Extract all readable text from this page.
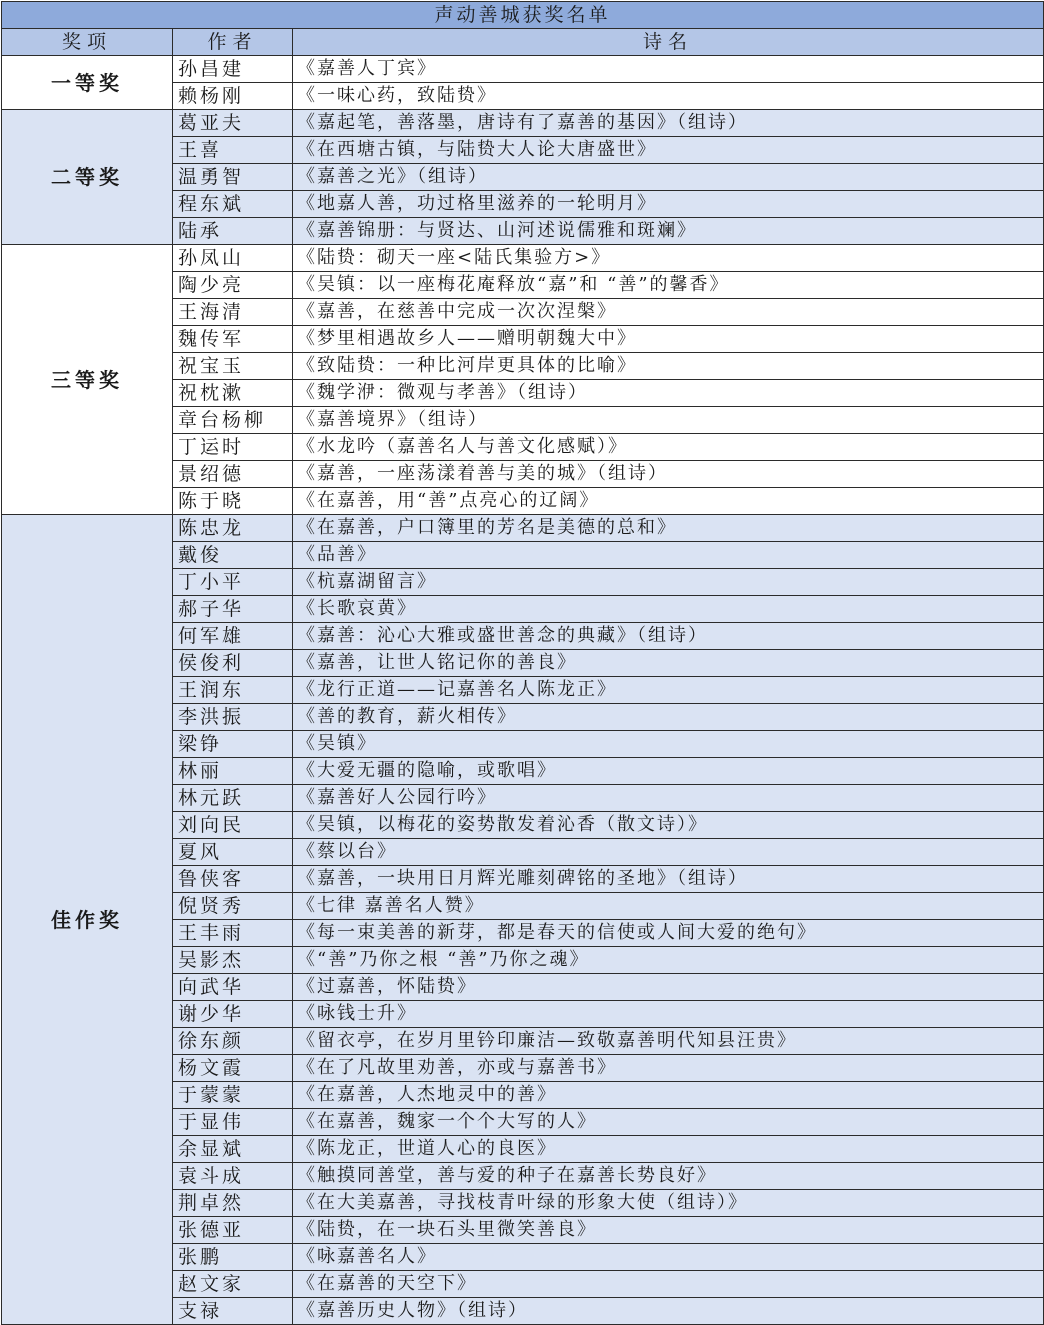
声动善城获奖名单		
奖项	作者	诗名
一等奖	孙昌建	《嘉善人丁宾》
	赖杨刚	《一味心药，致陆贽》
二等奖	葛亚夫	《嘉起笔，善落墨，唐诗有了嘉善的基因》（组诗）
	王喜	《在西塘古镇，与陆贽大人论大唐盛世》
	温勇智	《嘉善之光》（组诗）
	程东斌	《地嘉人善，功过格里滋养的一轮明月》
	陆承	《嘉善锦册：与贤达、山河述说儒雅和斑斓》
三等奖	孙凤山	《陆贽：砌天一座<陆氏集验方>》
	陶少亮	《吴镇：以一座梅花庵释放“嘉”和 “善”的馨香》
	王海清	《嘉善，在慈善中完成一次次涅槃》
	魏传军	《梦里相遇故乡人——赠明朝魏大中》
	祝宝玉	《致陆贽：一种比河岸更具体的比喻》
	祝枕漱	《魏学洢：微观与孝善》（组诗）
	章台杨柳	《嘉善境界》（组诗）
	丁运时	《水龙吟（嘉善名人与善文化感赋）》
	景绍德	《嘉善，一座荡漾着善与美的城》（组诗）
	陈于晓	《在嘉善，用“善”点亮心的辽阔》
佳作奖	陈忠龙	《在嘉善，户口簿里的芳名是美德的总和》
	戴俊	《品善》
	丁小平	《杭嘉湖留言》
	郝子华	《长歌哀黄》
	何军雄	《嘉善：沁心大雅或盛世善念的典藏》（组诗）
	侯俊利	《嘉善，让世人铭记你的善良》
	王润东	《龙行正道——记嘉善名人陈龙正》
	李洪振	《善的教育，薪火相传》
	梁铮	《吴镇》
	林丽	《大爱无疆的隐喻，或歌唱》
	林元跃	《嘉善好人公园行吟》
	刘向民	《吴镇，以梅花的姿势散发着沁香（散文诗）》
	夏风	《蔡以台》
	鲁侠客	《嘉善，一块用日月辉光雕刻碑铭的圣地》（组诗）
	倪贤秀	《七律 嘉善名人赞》
	王丰雨	《每一束美善的新芽，都是春天的信使或人间大爱的绝句》
	吴影杰	《“善”乃你之根 “善”乃你之魂》
	向武华	《过嘉善，怀陆贽》
	谢少华	《咏钱士升》
	徐东颜	《留衣亭，在岁月里钤印廉洁—致敬嘉善明代知县汪贵》
	杨文霞	《在了凡故里劝善，亦或与嘉善书》
	于蒙蒙	《在嘉善，人杰地灵中的善》
	于显伟	《在嘉善，魏家一个个大写的人》
	余显斌	《陈龙正，世道人心的良医》
	袁斗成	《触摸同善堂，善与爱的种子在嘉善长势良好》
	荆卓然	《在大美嘉善，寻找枝青叶绿的形象大使（组诗）》
	张德亚	《陆贽，在一块石头里微笑善良》
	张鹏	《咏嘉善名人》
	赵文家	《在嘉善的天空下》
	支禄	《嘉善历史人物》（组诗）
